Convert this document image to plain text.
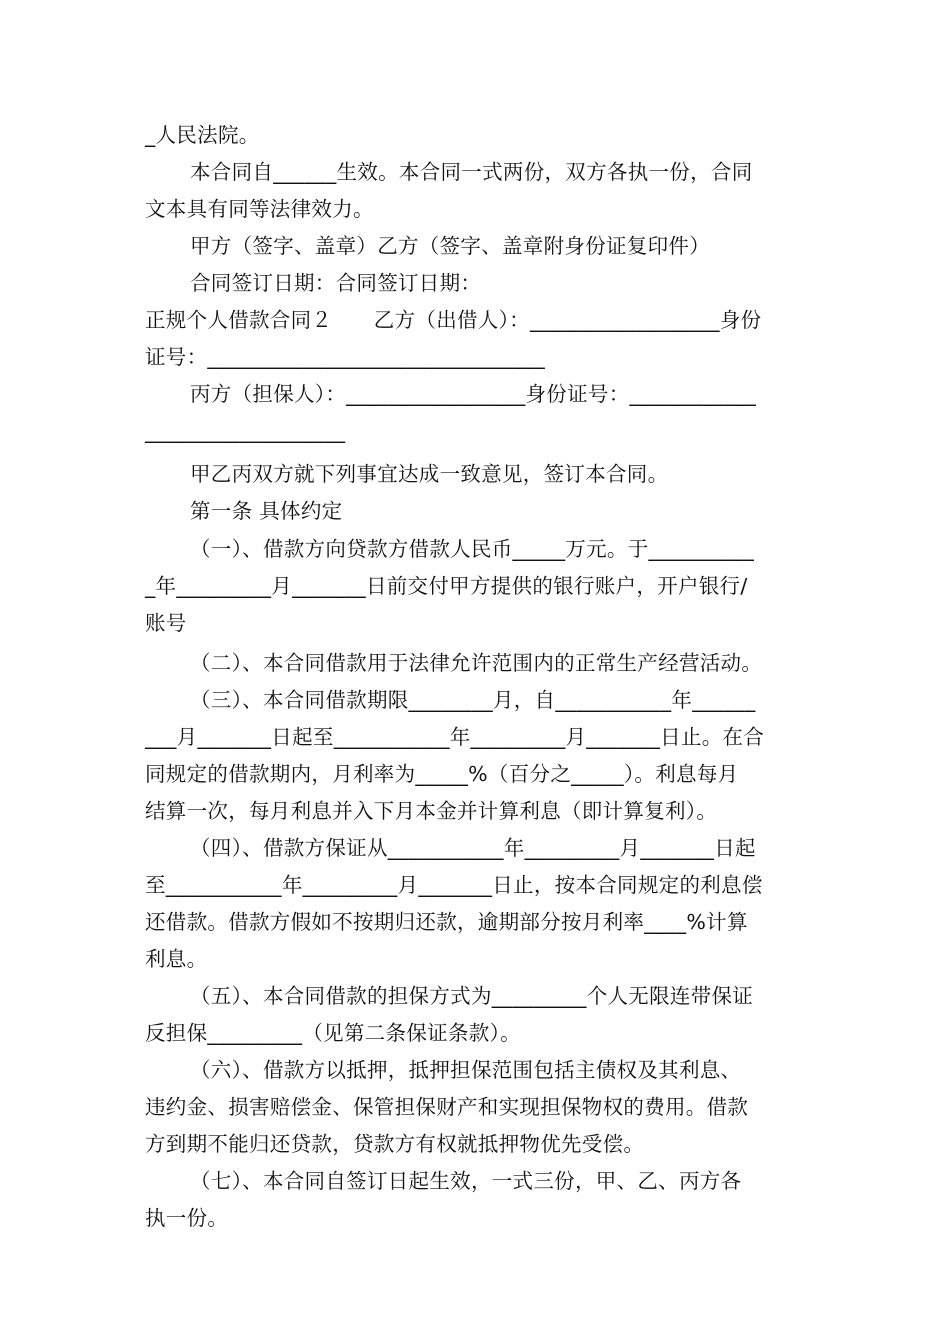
_人民法院。

本合同自______生效。本合同一式两份，双方各执一份，合同

文本具有同等法律效力。

甲方（签字、盖章）乙方（签字、盖章附身份证复印件）

合同签订日期：合同签订日期：

正规个人借款合同２　　乙方（出借人）：__________________身份

证号：________________________________

丙方（担保人）：_________________身份证号：____________

___________________

甲乙丙双方就下列事宜达成一致意见，签订本合同。

第一条 具体约定

（一）、借款方向贷款方借款人民币_____万元。于__________

_年_________月_______日前交付甲方提供的银行账户，开户银行/

账号

（二）、本合同借款用于法律允许范围内的正常生产经营活动。

（三）、本合同借款期限________月，自___________年______

___月_______日起至___________年_________月_______日止。在合

同规定的借款期内，月利率为_____%（百分之_____）。利息每月

结算一次，每月利息并入下月本金并计算利息（即计算复利）。

（四）、借款方保证从___________年_________月_______日起

至___________年_________月_______日止，按本合同规定的利息偿

还借款。借款方假如不按期归还款，逾期部分按月利率____%计算

利息。

（五）、本合同借款的担保方式为_________个人无限连带保证

反担保_________（见第二条保证条款）。

（六）、借款方以抵押，抵押担保范围包括主债权及其利息、

违约金、损害赔偿金、保管担保财产和实现担保物权的费用。借款

方到期不能归还贷款，贷款方有权就抵押物优先受偿。

（七）、本合同自签订日起生效，一式三份，甲、乙、丙方各

执一份。
